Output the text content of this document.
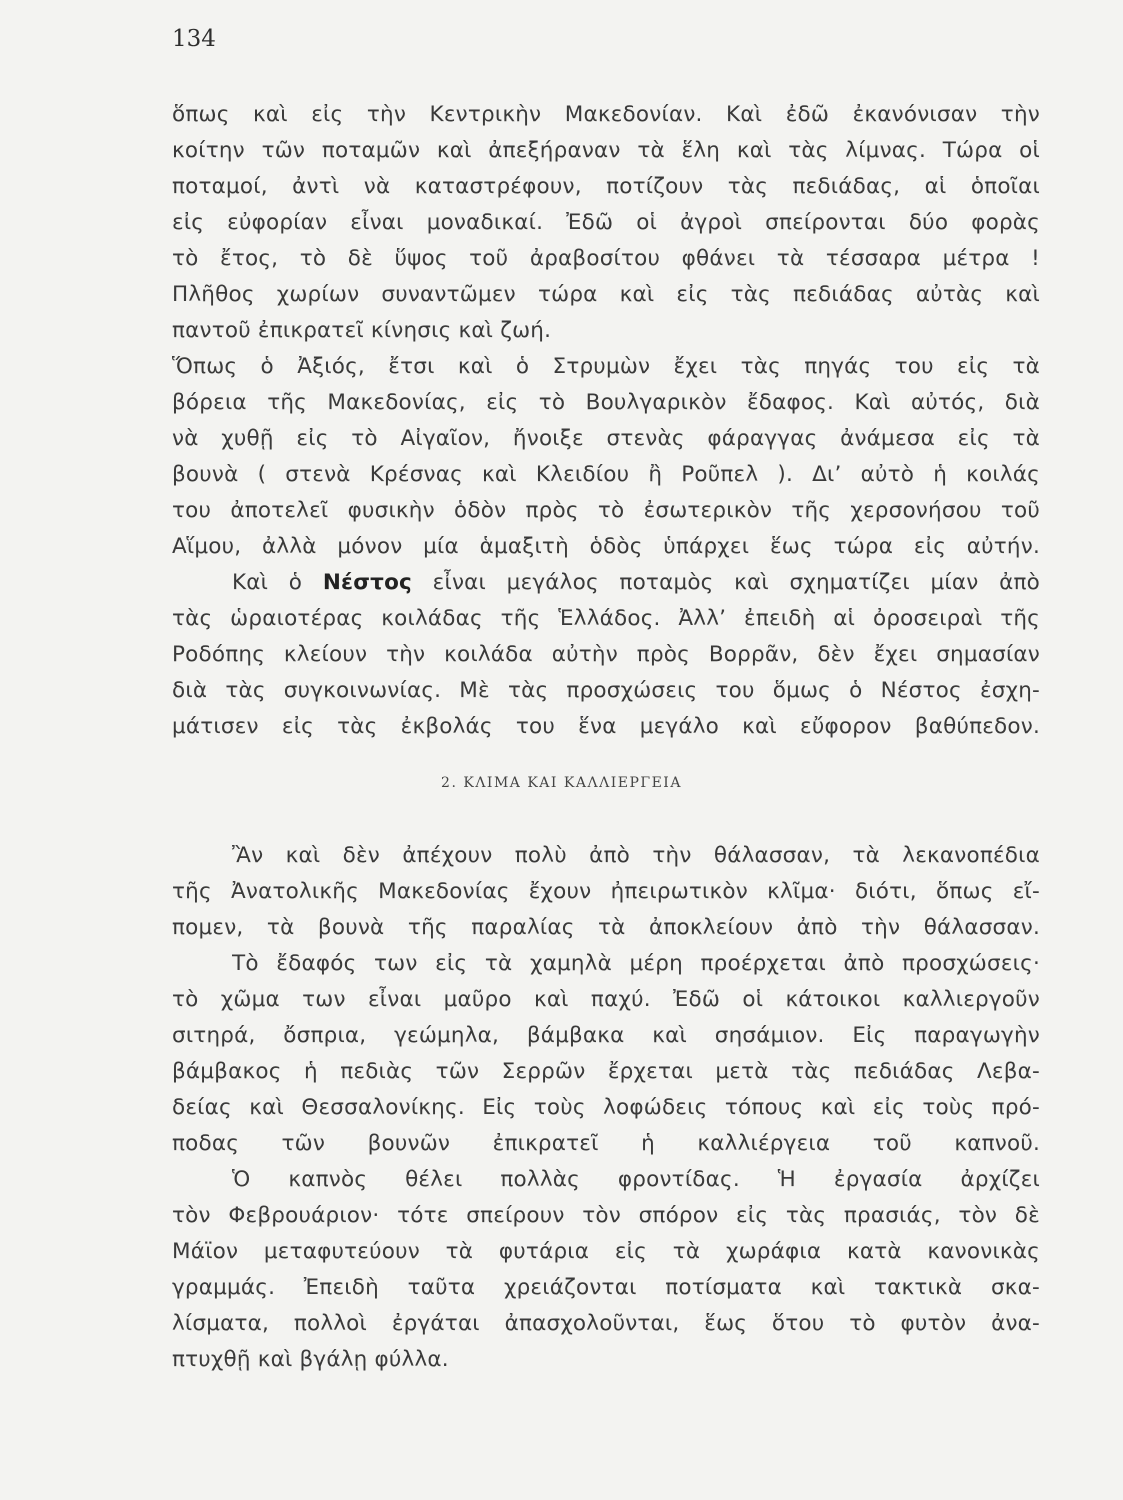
134
ὅπως καὶ εἰς τὴν Κεντρικὴν Μακεδονίαν. Καὶ ἐδῶ ἐκανόνισαν τὴν
κοίτην τῶν ποταμῶν καὶ ἀπεξήραναν τὰ ἕλη καὶ τὰς λίμνας. Τώρα οἱ
ποταμοί, ἀντὶ νὰ καταστρέφουν, ποτίζουν τὰς πεδιάδας, αἱ ὁποῖαι
εἰς εὐφορίαν εἶναι μοναδικαί. Ἐδῶ οἱ ἀγροὶ σπείρονται δύο φορὰς
τὸ ἔτος, τὸ δὲ ὕψος τοῦ ἀραβοσίτου φθάνει τὰ τέσσαρα μέτρα !
Πλῆθος χωρίων συναντῶμεν τώρα καὶ εἰς τὰς πεδιάδας αὐτὰς καὶ
παντοῦ ἐπικρατεῖ κίνησις καὶ ζωή.
Ὅπως ὁ Ἀξιός, ἔτσι καὶ ὁ Στρυμὼν ἔχει τὰς πηγάς του εἰς τὰ
βόρεια τῆς Μακεδονίας, εἰς τὸ Βουλγαρικὸν ἔδαφος. Καὶ αὐτός, διὰ
νὰ χυθῇ εἰς τὸ Αἰγαῖον, ἤνοιξε στενὰς φάραγγας ἀνάμεσα εἰς τὰ
βουνὰ ( στενὰ Κρέσνας καὶ Κλειδίου ἢ Ροῦπελ ). Δι’ αὐτὸ ἡ κοιλάς
του ἀποτελεῖ φυσικὴν ὁδὸν πρὸς τὸ ἐσωτερικὸν τῆς χερσονήσου τοῦ
Αἵμου, ἀλλὰ μόνον μία ἁμαξιτὴ ὁδὸς ὑπάρχει ἕως τώρα εἰς αὐτήν.
Καὶ ὁ Νέστος εἶναι μεγάλος ποταμὸς καὶ σχηματίζει μίαν ἀπὸ
τὰς ὡραιοτέρας κοιλάδας τῆς Ἑλλάδος. Ἀλλ’ ἐπειδὴ αἱ ὀροσειραὶ τῆς
Ροδόπης κλείουν τὴν κοιλάδα αὐτὴν πρὸς Βορρᾶν, δὲν ἔχει σημασίαν
διὰ τὰς συγκοινωνίας. Μὲ τὰς προσχώσεις του ὅμως ὁ Νέστος ἐσχη-
μάτισεν εἰς τὰς ἐκβολάς του ἕνα μεγάλο καὶ εὔφορον βαθύπεδον.
2. ΚΛΙΜΑ ΚΑΙ ΚΑΛΛΙΕΡΓΕΙΑ
Ἂν καὶ δὲν ἀπέχουν πολὺ ἀπὸ τὴν θάλασσαν, τὰ λεκανοπέδια
τῆς Ἀνατολικῆς Μακεδονίας ἔχουν ἠπειρωτικὸν κλῖμα· διότι, ὅπως εἴ-
πομεν, τὰ βουνὰ τῆς παραλίας τὰ ἀποκλείουν ἀπὸ τὴν θάλασσαν.
Τὸ ἔδαφός των εἰς τὰ χαμηλὰ μέρη προέρχεται ἀπὸ προσχώσεις·
τὸ χῶμα των εἶναι μαῦρο καὶ παχύ. Ἐδῶ οἱ κάτοικοι καλλιεργοῦν
σιτηρά, ὄσπρια, γεώμηλα, βάμβακα καὶ σησάμιον. Εἰς παραγωγὴν
βάμβακος ἡ πεδιὰς τῶν Σερρῶν ἔρχεται μετὰ τὰς πεδιάδας Λεβα-
δείας καὶ Θεσσαλονίκης. Εἰς τοὺς λοφώδεις τόπους καὶ εἰς τοὺς πρό-
ποδας τῶν βουνῶν ἐπικρατεῖ ἡ καλλιέργεια τοῦ καπνοῦ.
Ὁ καπνὸς θέλει πολλὰς φροντίδας. Ἡ ἐργασία ἀρχίζει
τὸν Φεβρουάριον· τότε σπείρουν τὸν σπόρον εἰς τὰς πρασιάς, τὸν δὲ
Μάϊον μεταφυτεύουν τὰ φυτάρια εἰς τὰ χωράφια κατὰ κανονικὰς
γραμμάς. Ἐπειδὴ ταῦτα χρειάζονται ποτίσματα καὶ τακτικὰ σκα-
λίσματα, πολλοὶ ἐργάται ἀπασχολοῦνται, ἕως ὅτου τὸ φυτὸν ἀνα-
πτυχθῇ καὶ βγάλῃ φύλλα.
